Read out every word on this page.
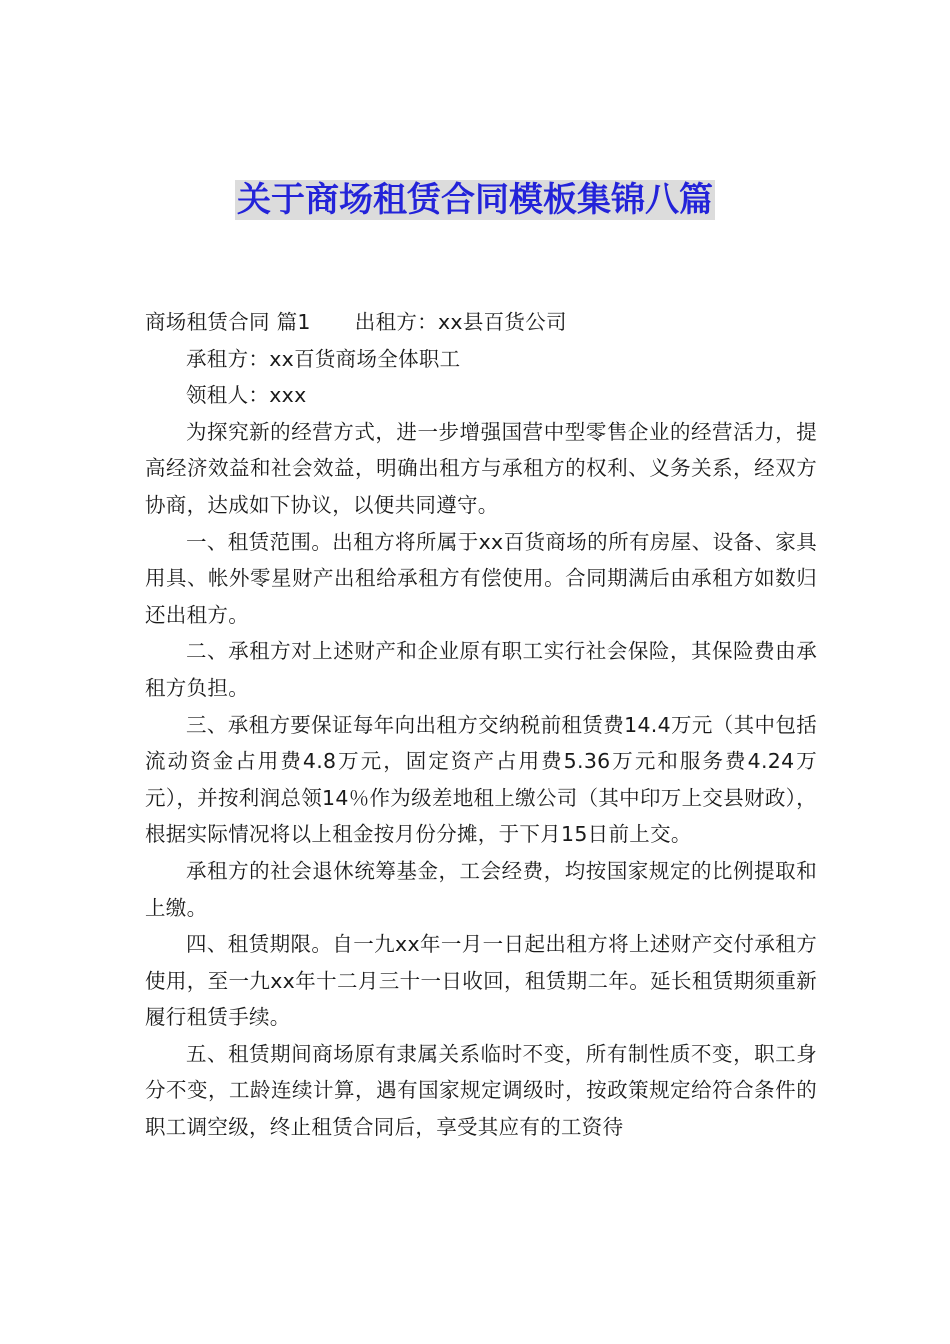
关于商场租赁合同模板集锦八篇

商场租赁合同 篇1 出租方：xx县百货公司

承租方：xx百货商场全体职工

领租人：xxx

为探究新的经营方式，进一步增强国营中型零售企业的经营活力，提高经济效益和社会效益，明确出租方与承租方的权利、义务关系，经双方协商，达成如下协议，以便共同遵守。

一、租赁范围。出租方将所属于xx百货商场的所有房屋、设备、家具用具、帐外零星财产出租给承租方有偿使用。合同期满后由承租方如数归还出租方。

二、承租方对上述财产和企业原有职工实行社会保险，其保险费由承租方负担。

三、承租方要保证每年向出租方交纳税前租赁费14.4万元（其中包括流动资金占用费4.8万元，固定资产占用费5.36万元和服务费4.24万元），并按利润总领14％作为级差地租上缴公司（其中印万上交县财政），根据实际情况将以上租金按月份分摊，于下月15日前上交。

承租方的社会退休统筹基金，工会经费，均按国家规定的比例提取和上缴。

四、租赁期限。自一九xx年一月一日起出租方将上述财产交付承租方使用，至一九xx年十二月三十一日收回，租赁期二年。延长租赁期须重新履行租赁手续。

五、租赁期间商场原有隶属关系临时不变，所有制性质不变，职工身分不变，工龄连续计算，遇有国家规定调级时，按政策规定给符合条件的职工调空级，终止租赁合同后，享受其应有的工资待
